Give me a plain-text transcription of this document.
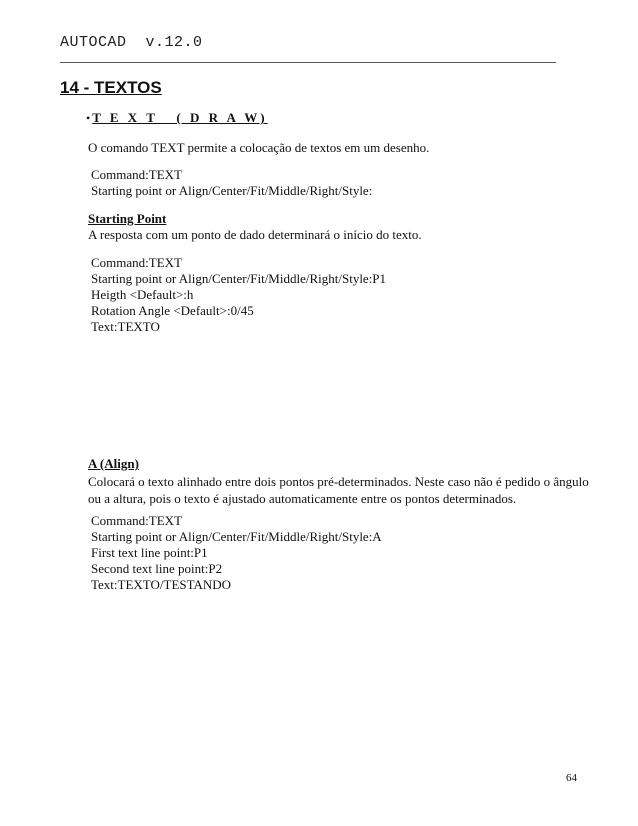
AUTOCAD v.12.0
14 - TEXTOS
• T E X T   ( D R A W)
O comando TEXT permite a colocação de textos em um desenho.
Command:TEXT
Starting point or Align/Center/Fit/Middle/Right/Style:
Starting Point
A resposta com um ponto de dado determinará o início do texto.
Command:TEXT
Starting point or Align/Center/Fit/Middle/Right/Style:P1
Heigth <Default>:h
Rotation Angle <Default>:0/45
Text:TEXTO
A (Align)
Colocará o texto alinhado entre dois pontos pré-determinados. Neste caso não é pedido o ângulo
ou a altura, pois o texto é ajustado automaticamente entre os pontos determinados.
Command:TEXT
Starting point or Align/Center/Fit/Middle/Right/Style:A
First text line point:P1
Second text line point:P2
Text:TEXTO/TESTANDO
64
